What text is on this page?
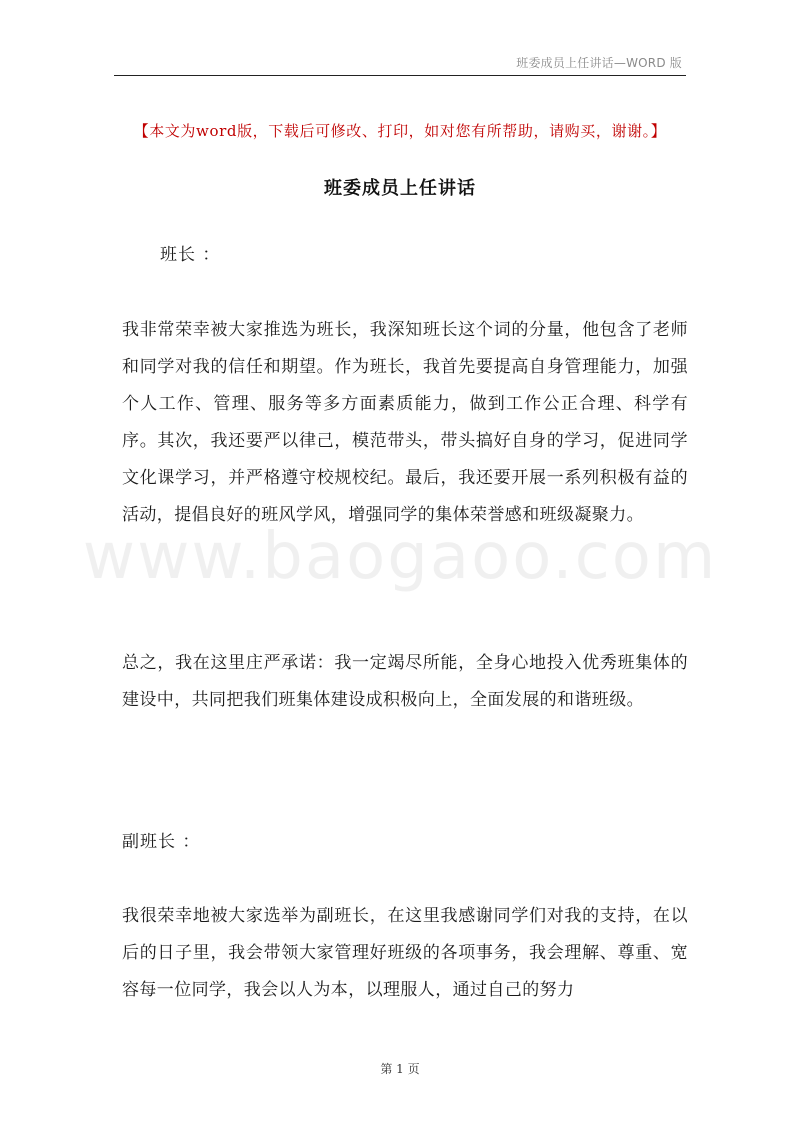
班委成员上任讲话—WORD 版
www.baogaoo.com
【本文为word版，下载后可修改、打印，如对您有所帮助，请购买，谢谢。】
班委成员上任讲话
班长 ：

我非常荣幸被大家推选为班长，我深知班长这个词的分量，他包含了老师和同学对我的信任和期望。作为班长，我首先要提高自身管理能力，加强个人工作、管理、服务等多方面素质能力，做到工作公正合理、科学有序。其次，我还要严以律己，模范带头，带头搞好自身的学习，促进同学文化课学习，并严格遵守校规校纪。最后，我还要开展一系列积极有益的活动，提倡良好的班风学风，增强同学的集体荣誉感和班级凝聚力。

总之，我在这里庄严承诺：我一定竭尽所能，全身心地投入优秀班集体的建设中，共同把我们班集体建设成积极向上，全面发展的和谐班级。

副班长 ：

我很荣幸地被大家选举为副班长，在这里我感谢同学们对我的支持，在以后的日子里，我会带领大家管理好班级的各项事务，我会理解、尊重、宽容每一位同学，我会以人为本，以理服人，通过自己的努力

第 1 页
